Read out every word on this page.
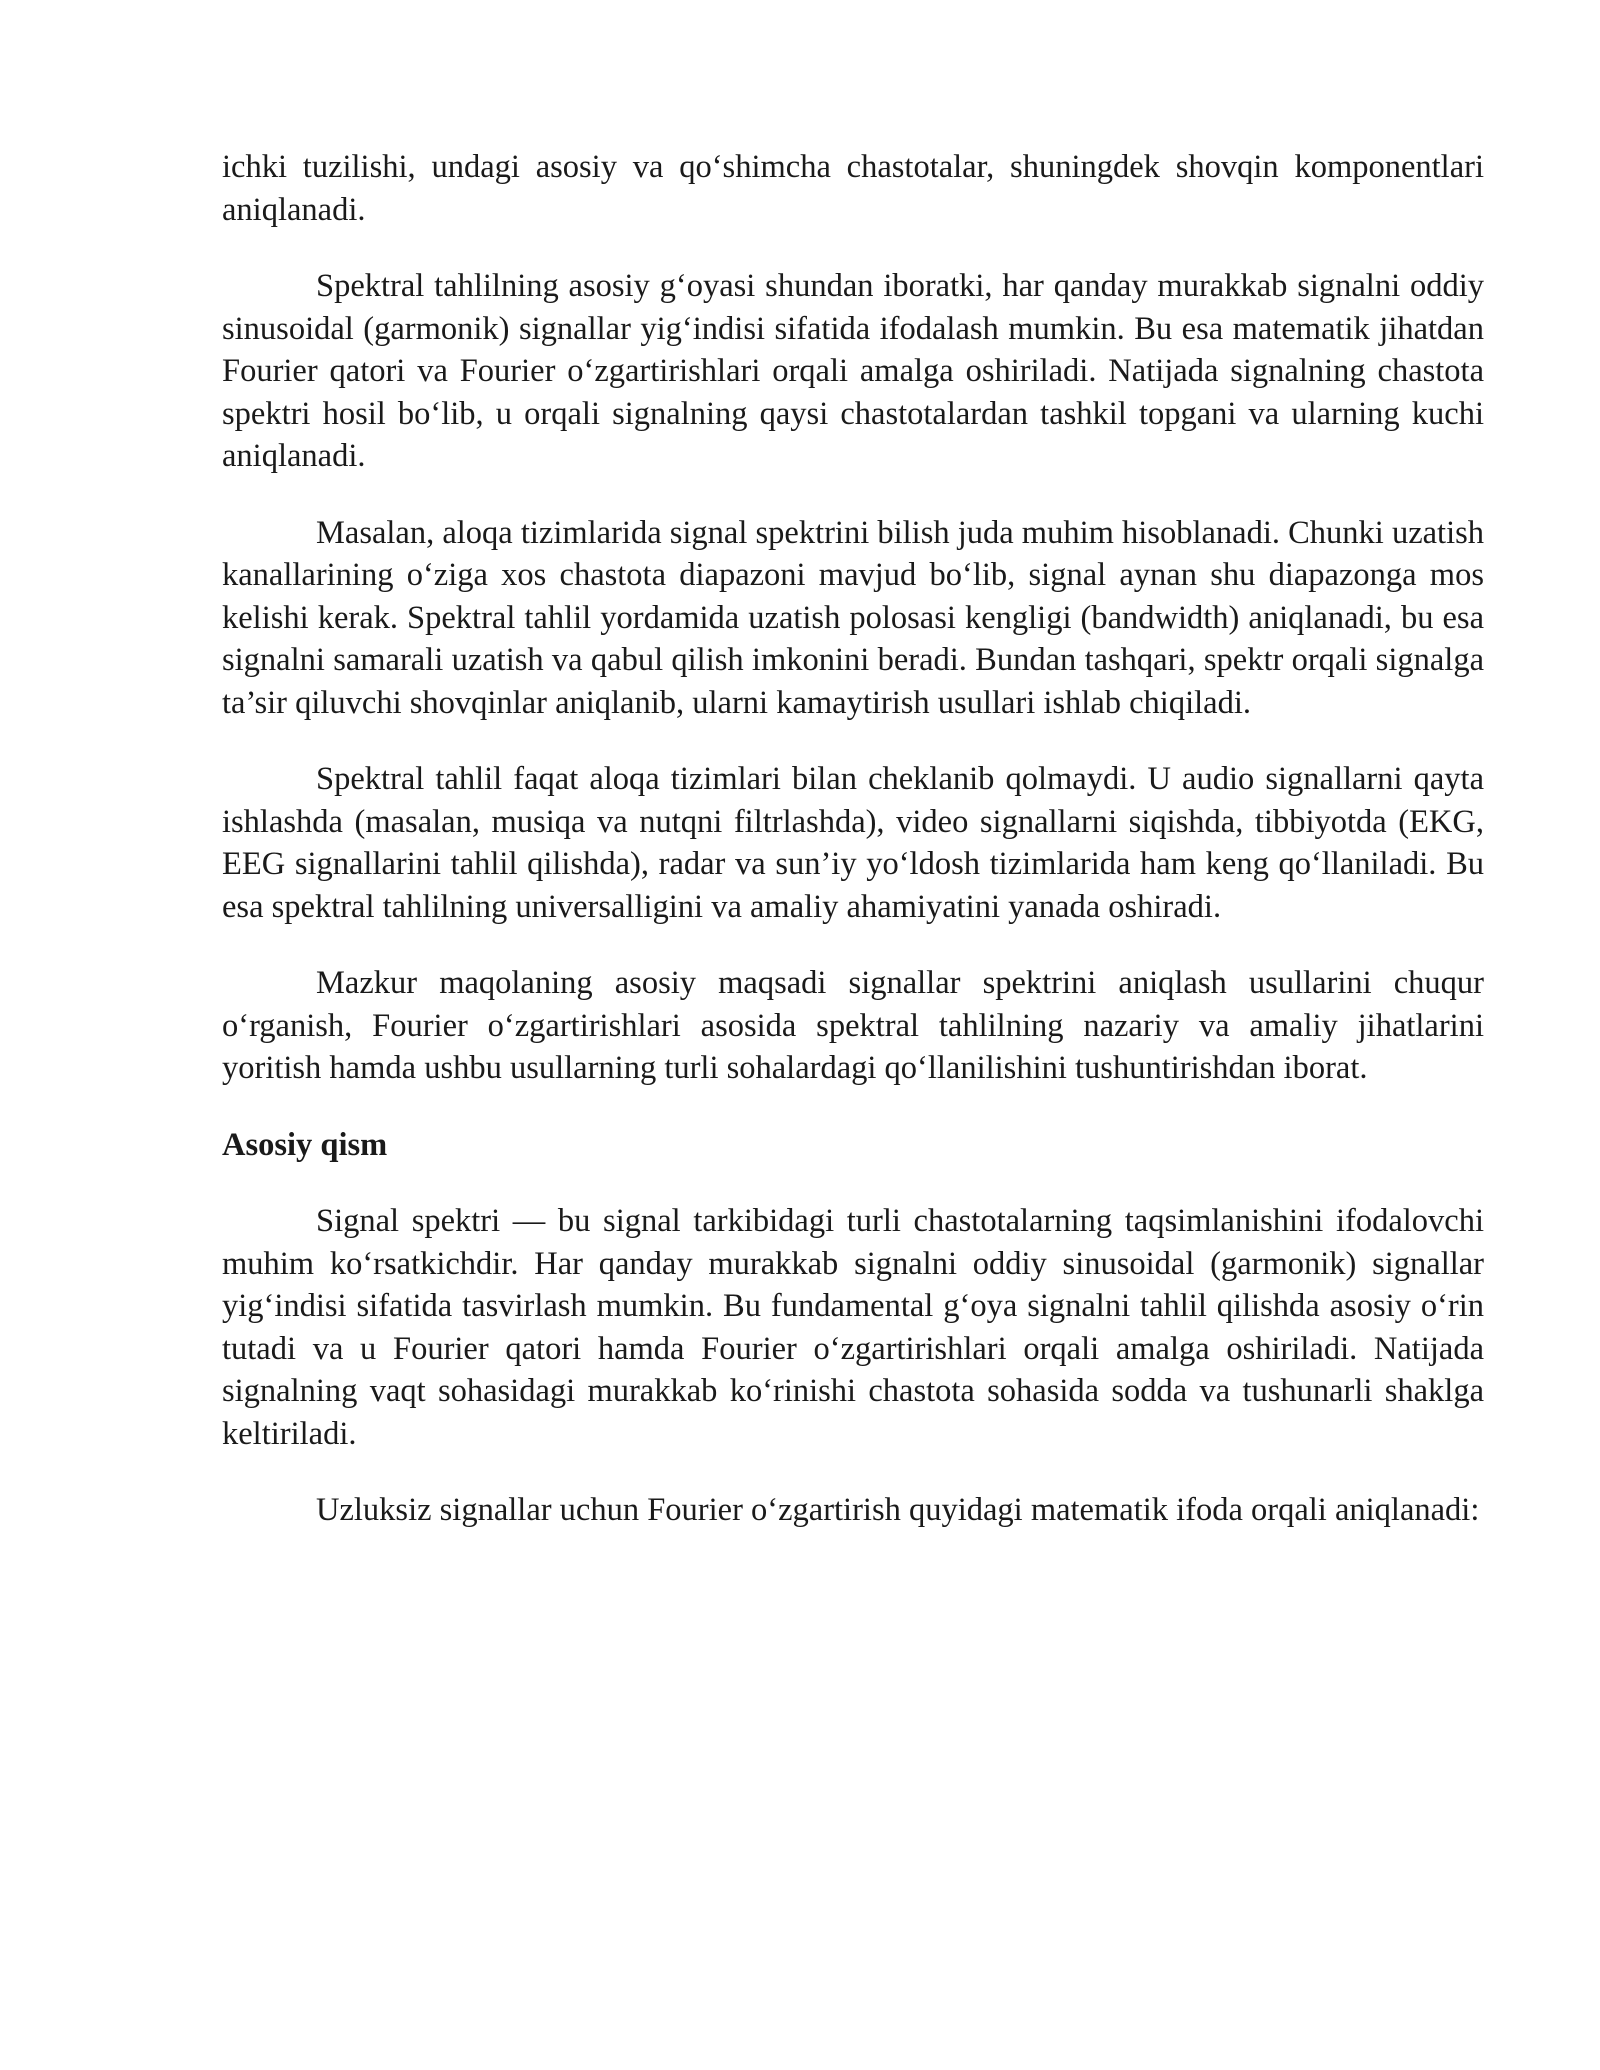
ichki tuzilishi, undagi asosiy va qo‘shimcha chastotalar, shuningdek shovqin komponentlari aniqlanadi.

Spektral tahlilning asosiy g‘oyasi shundan iboratki, har qanday murakkab signalni oddiy sinusoidal (garmonik) signallar yig‘indisi sifatida ifodalash mumkin. Bu esa matematik jihatdan Fourier qatori va Fourier o‘zgartirishlari orqali amalga oshiriladi. Natijada signalning chastota spektri hosil bo‘lib, u orqali signalning qaysi chastotalardan tashkil topgani va ularning kuchi aniqlanadi.

Masalan, aloqa tizimlarida signal spektrini bilish juda muhim hisoblanadi. Chunki uzatish kanallarining o‘ziga xos chastota diapazoni mavjud bo‘lib, signal aynan shu diapazonga mos kelishi kerak. Spektral tahlil yordamida uzatish polosasi kengligi (bandwidth) aniqlanadi, bu esa signalni samarali uzatish va qabul qilish imkonini beradi. Bundan tashqari, spektr orqali signalga ta’sir qiluvchi shovqinlar aniqlanib, ularni kamaytirish usullari ishlab chiqiladi.

Spektral tahlil faqat aloqa tizimlari bilan cheklanib qolmaydi. U audio signallarni qayta ishlashda (masalan, musiqa va nutqni filtrlashda), video signallarni siqishda, tibbiyotda (EKG, EEG signallarini tahlil qilishda), radar va sun’iy yo‘ldosh tizimlarida ham keng qo‘llaniladi. Bu esa spektral tahlilning universalligini va amaliy ahamiyatini yanada oshiradi.

Mazkur maqolaning asosiy maqsadi signallar spektrini aniqlash usullarini chuqur o‘rganish, Fourier o‘zgartirishlari asosida spektral tahlilning nazariy va amaliy jihatlarini yoritish hamda ushbu usullarning turli sohalardagi qo‘llanilishini tushuntirishdan iborat.

Asosiy qism

Signal spektri — bu signal tarkibidagi turli chastotalarning taqsimlanishini ifodalovchi muhim ko‘rsatkichdir. Har qanday murakkab signalni oddiy sinusoidal (garmonik) signallar yig‘indisi sifatida tasvirlash mumkin. Bu fundamental g‘oya signalni tahlil qilishda asosiy o‘rin tutadi va u Fourier qatori hamda Fourier o‘zgartirishlari orqali amalga oshiriladi. Natijada signalning vaqt sohasidagi murakkab ko‘rinishi chastota sohasida sodda va tushunarli shaklga keltiriladi.

Uzluksiz signallar uchun Fourier o‘zgartirish quyidagi matematik ifoda orqali aniqlanadi:
